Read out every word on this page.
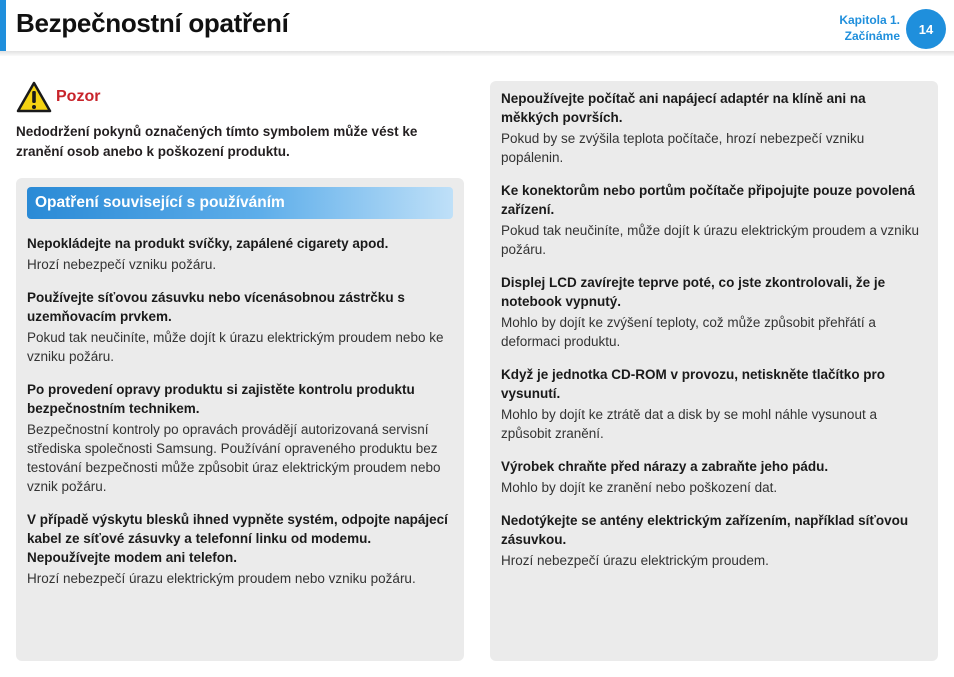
Bezpečnostní opatření	Kapitola 1.
Začínáme	14
Pozor

Nedodržení pokynů označených tímto symbolem může vést ke zranění osob anebo k poškození produktu.

Opatření související s používáním

Nepokládejte na produkt svíčky, zapálené cigarety apod.

Hrozí nebezpečí vzniku požáru.

Používejte síťovou zásuvku nebo vícenásobnou zástrčku s uzemňovacím prvkem.

Pokud tak neučiníte, může dojít k úrazu elektrickým proudem nebo ke vzniku požáru.

Po provedení opravy produktu si zajistěte kontrolu produktu bezpečnostním technikem.

Bezpečnostní kontroly po opravách provádějí autorizovaná servisní střediska společnosti Samsung. Používání opraveného produktu bez testování bezpečnosti může způsobit úraz elektrickým proudem nebo vznik požáru.

V případě výskytu blesků ihned vypněte systém, odpojte napájecí kabel ze síťové zásuvky a telefonní linku od modemu. Nepoužívejte modem ani telefon.

Hrozí nebezpečí úrazu elektrickým proudem nebo vzniku požáru.

Nepoužívejte počítač ani napájecí adaptér na klíně ani na měkkých površích.

Pokud by se zvýšila teplota počítače, hrozí nebezpečí vzniku popálenin.

Ke konektorům nebo portům počítače připojujte pouze povolená zařízení.

Pokud tak neučiníte, může dojít k úrazu elektrickým proudem a vzniku požáru.

Displej LCD zavírejte teprve poté, co jste zkontrolovali, že je notebook vypnutý.

Mohlo by dojít ke zvýšení teploty, což může způsobit přehřátí a deformaci produktu.

Když je jednotka CD-ROM v provozu, netiskněte tlačítko pro vysunutí.

Mohlo by dojít ke ztrátě dat a disk by se mohl náhle vysunout a způsobit zranění.

Výrobek chraňte před nárazy a zabraňte jeho pádu.

Mohlo by dojít ke zranění nebo poškození dat.

Nedotýkejte se antény elektrickým zařízením, například síťovou zásuvkou.

Hrozí nebezpečí úrazu elektrickým proudem.
